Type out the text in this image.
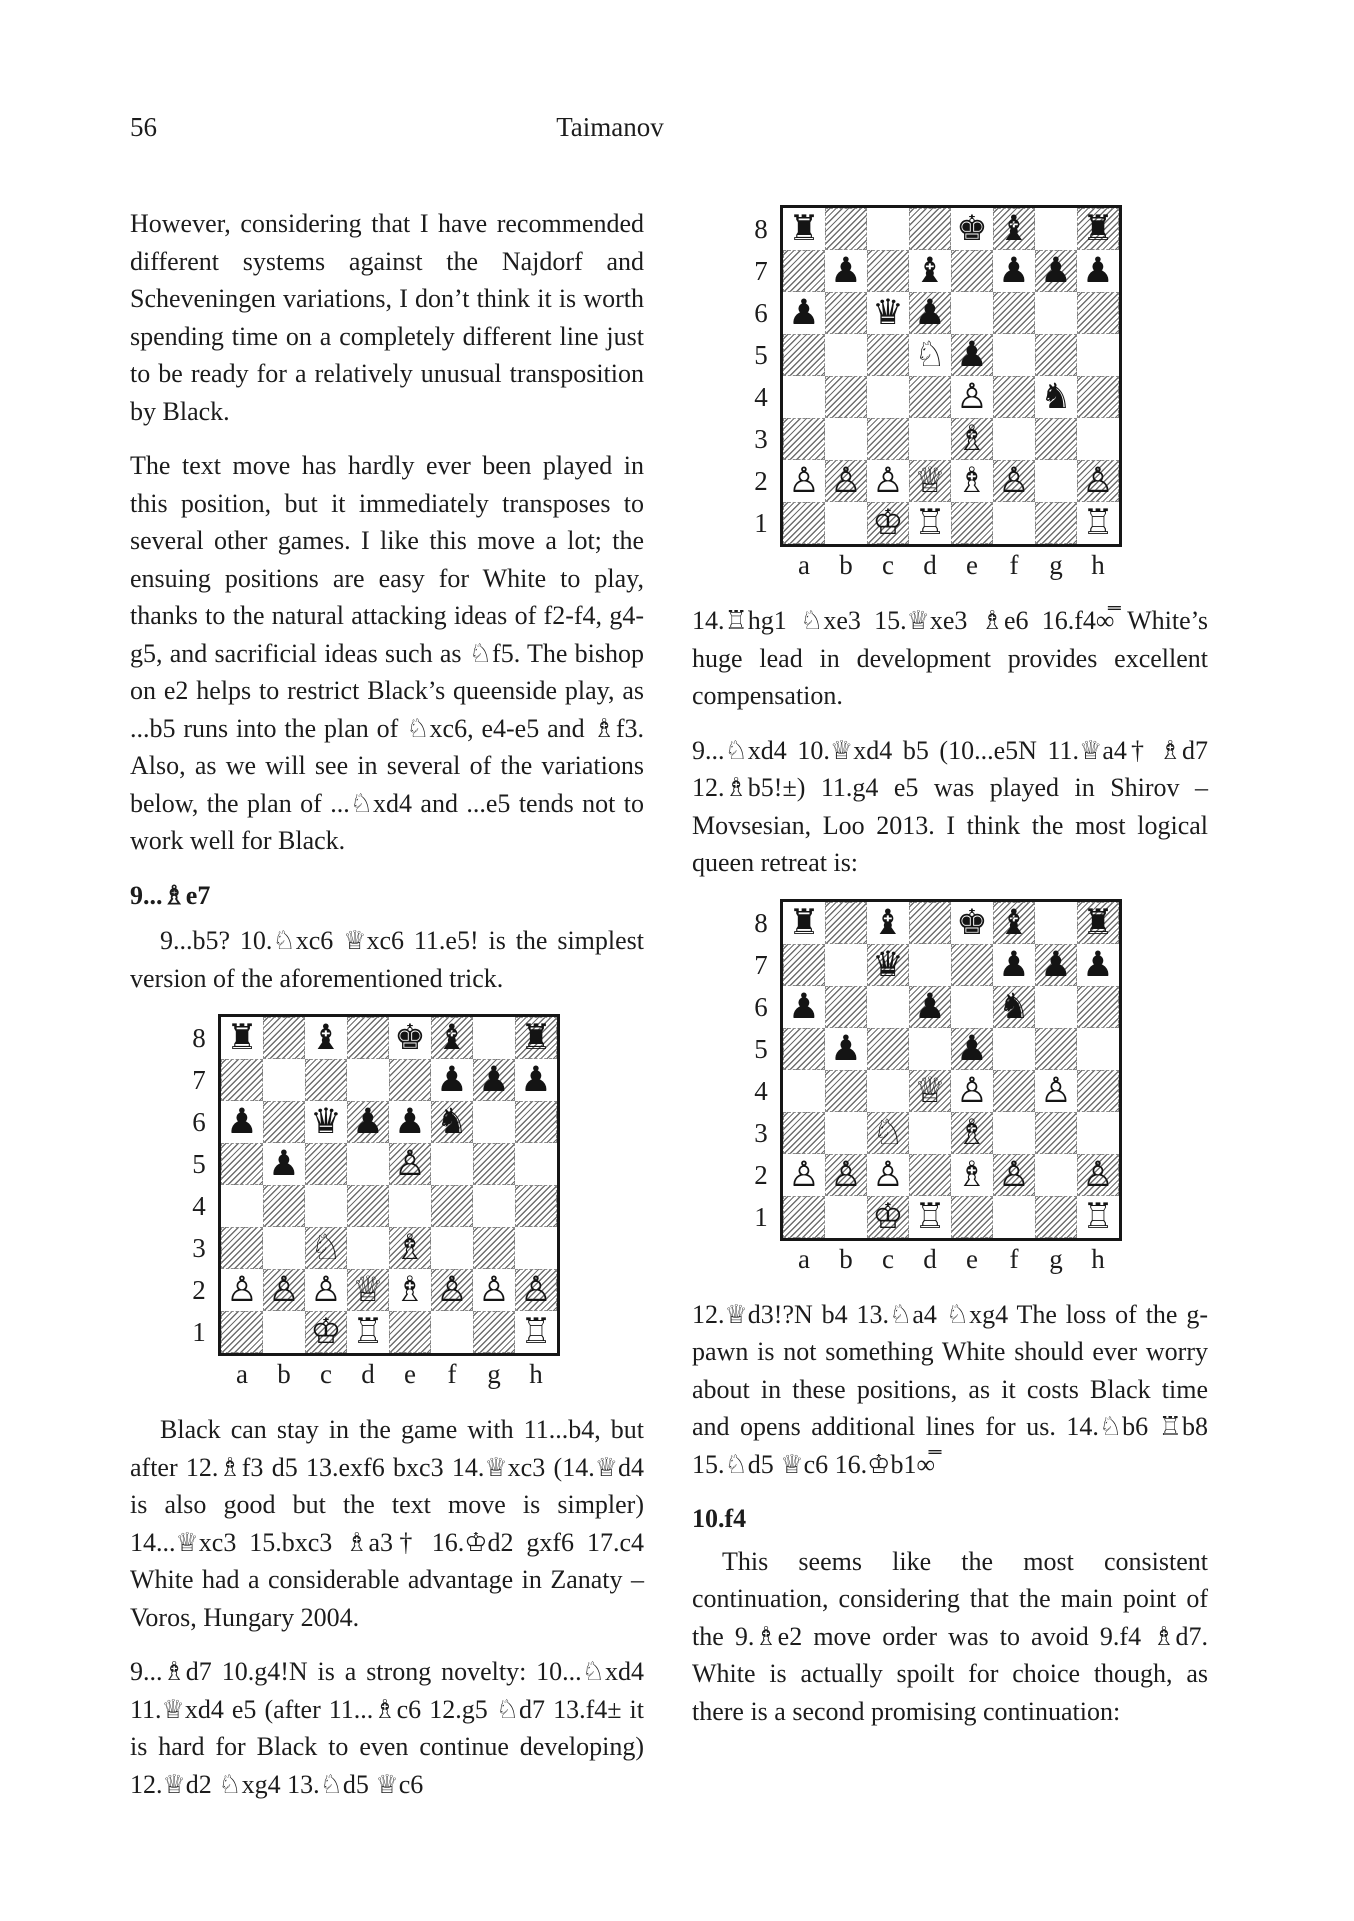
56	Taimanov

However, considering that I have recommended different systems against the Najdorf and Scheveningen variations, I don’t think it is worth spending time on a completely different line just to be ready for a relatively unusual transposition by Black.

The text move has hardly ever been played in this position, but it immediately transposes to several other games. I like this move a lot; the ensuing positions are easy for White to play, thanks to the natural attacking ideas of f2-f4, g4-g5, and sacrificial ideas such as ♘f5. The bishop on e2 helps to restrict Black’s queenside play, as ...b5 runs into the plan of ♘xc6, e4-e5 and ♗f3. Also, as we will see in several of the variations below, the plan of ...♘xd4 and ...e5 tends not to work well for Black.

9...♗e7

9...b5? 10.♘xc6 ♕xc6 11.e5! is the simplest version of the aforementioned trick.

8
7
6
5
4
3
2
1
♜ ♝ ♚ ♝ ♜
♟ ♟ ♟
♟ ♛ ♟ ♟ ♞
♟	♙
♘ ♗
♙ ♙ ♙ ♕ ♗ ♙ ♙ ♙
♔ ♖	♖
a	b	c	d	e	f	g	h

Black can stay in the game with 11...b4, but after 12.♗f3 d5 13.exf6 bxc3 14.♕xc3 (14.♕d4 is also good but the text move is simpler) 14...♕xc3 15.bxc3 ♗a3† 16.♔d2 gxf6 17.c4 White had a considerable advantage in Zanaty – Voros, Hungary 2004.

9...♗d7 10.g4!N is a strong novelty: 10...♘xd4 11.♕xd4 e5 (after 11...♗c6 12.g5 ♘d7 13.f4± it is hard for Black to even continue developing) 12.♕d2 ♘xg4 13.♘d5 ♕c6

8
7
6
5
4
3
2
1
♜	♚ ♝ ♜
♟ ♝ ♟ ♟ ♟
♟ ♛ ♟
♘ ♟
♙ ♞
♗
♙ ♙ ♙ ♕ ♗ ♙ ♙
♔ ♖	♖
a	b	c	d	e	f	g	h

14.♖hg1 ♘xe3 15.♕xe3 ♗e6 16.f4∞̿ White’s huge lead in development provides excellent compensation.

9...♘xd4 10.♕xd4 b5 (10...e5N 11.♕a4† ♗d7 12.♗b5!±) 11.g4 e5 was played in Shirov – Movsesian, Loo 2013. I think the most logical queen retreat is:

8
7
6
5
4
3
2
1
♜ ♝ ♚ ♝ ♜
♛	♟ ♟ ♟
♟	♟ ♞
♟	♟
♕ ♙ ♙
♘ ♗
♙ ♙ ♙ ♗ ♙ ♙
♔ ♖	♖
a	b	c	d	e	f	g	h

12.♕d3!?N b4 13.♘a4 ♘xg4 The loss of the g-pawn is not something White should ever worry about in these positions, as it costs Black time and opens additional lines for us. 14.♘b6 ♖b8 15.♘d5 ♕c6 16.♔b1∞̿

10.f4

This seems like the most consistent continuation, considering that the main point of the 9.♗e2 move order was to avoid 9.f4 ♗d7. White is actually spoilt for choice though, as there is a second promising continuation:
